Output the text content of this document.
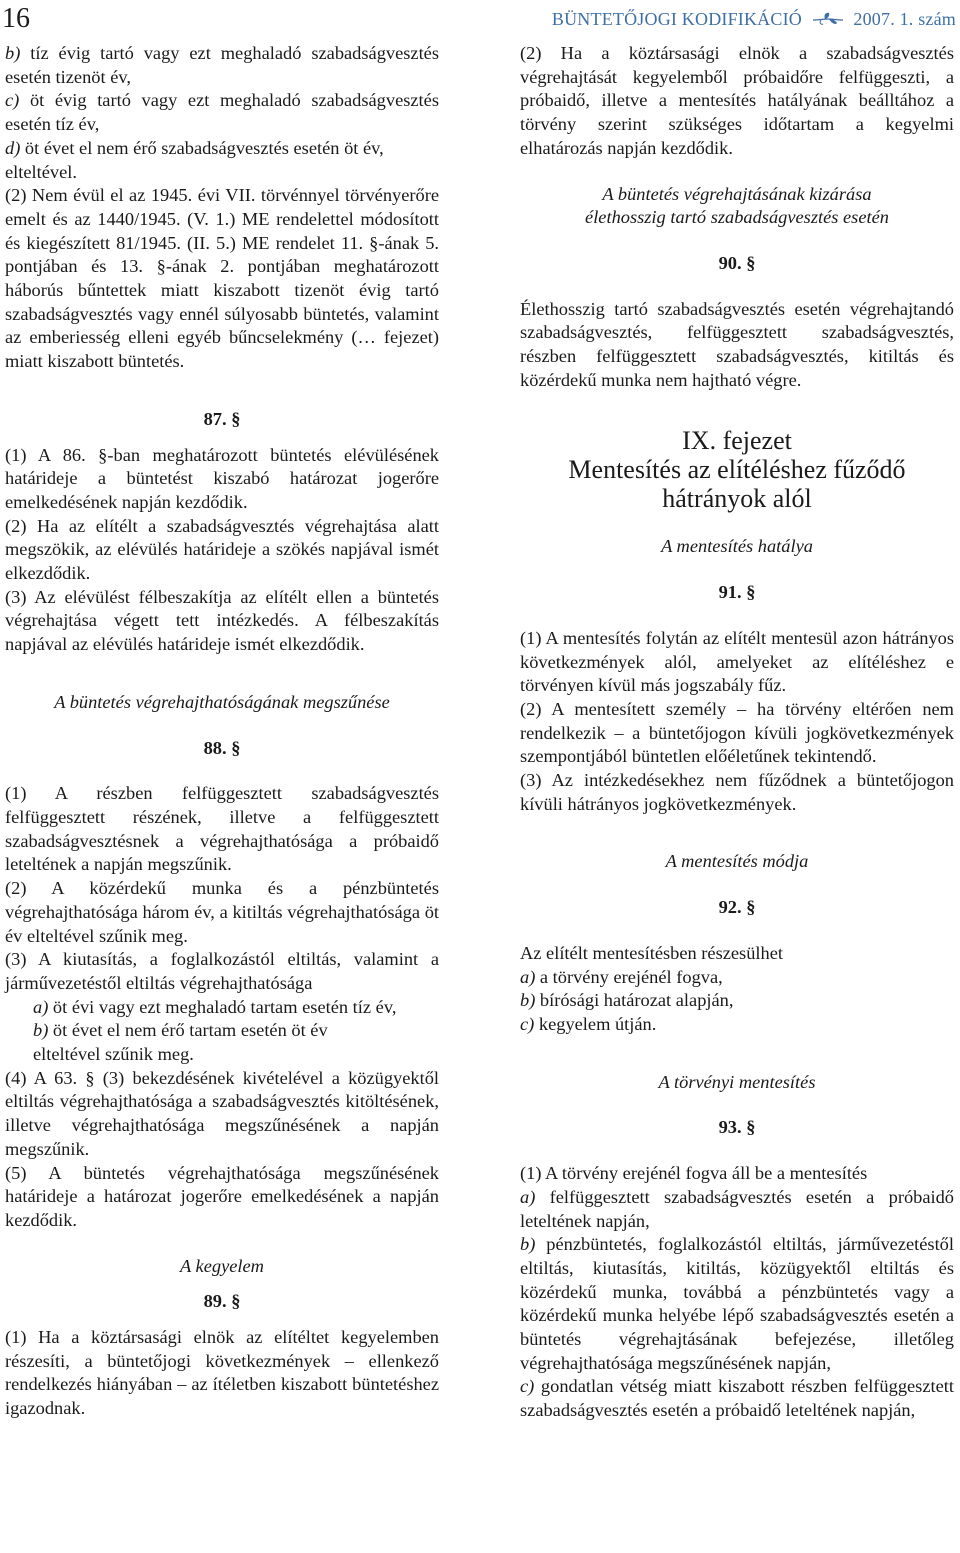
16	BÜNTETŐJOGI KODIFIKÁCIÓ	2007. 1. szám

b) tíz évig tartó vagy ezt meghaladó szabadságvesztés esetén tizenöt év,

c) öt évig tartó vagy ezt meghaladó szabadságvesztés esetén tíz év,

d) öt évet el nem érő szabadságvesztés esetén öt év,

elteltével.

(2) Nem évül el az 1945. évi VII. törvénnyel törvényerőre emelt és az 1440/1945. (V. 1.) ME rendelettel módosított és kiegészített 81/1945. (II. 5.) ME rendelet 11. §-ának 5. pontjában és 13. §-ának 2. pontjában meghatározott háborús bűntettek miatt kiszabott tizenöt évig tartó szabadságvesztés vagy ennél súlyosabb büntetés, valamint az emberiesség elleni egyéb bűncselekmény (… fejezet) miatt kiszabott büntetés.

87. §

(1) A 86. §-ban meghatározott büntetés elévülésének határideje a büntetést kiszabó határozat jogerőre emelkedésének napján kezdődik.

(2) Ha az elítélt a szabadságvesztés végrehajtása alatt megszökik, az elévülés határideje a szökés napjával ismét elkezdődik.

(3) Az elévülést félbeszakítja az elítélt ellen a büntetés végrehajtása végett tett intézkedés. A félbeszakítás napjával az elévülés határideje ismét elkezdődik.

A büntetés végrehajthatóságának megszűnése

88. §

(1) A részben felfüggesztett szabadságvesztés felfüggesztett részének, illetve a felfüggesztett szabadságvesztésnek a végrehajthatósága a próbaidő leteltének a napján megszűnik.

(2) A közérdekű munka és a pénzbüntetés végrehajthatósága három év, a kitiltás végrehajthatósága öt év elteltével szűnik meg.

(3) A kiutasítás, a foglalkozástól eltiltás, valamint a járművezetéstől eltiltás végrehajthatósága

a) öt évi vagy ezt meghaladó tartam esetén tíz év,

b) öt évet el nem érő tartam esetén öt év

elteltével szűnik meg.

(4) A 63. § (3) bekezdésének kivételével a közügyektől eltiltás végrehajthatósága a szabadságvesztés kitöltésének, illetve végrehajthatósága megszűnésének a napján megszűnik.

(5) A büntetés végrehajthatósága megszűnésének határideje a határozat jogerőre emelkedésének a napján kezdődik.

A kegyelem

89. §

(1) Ha a köztársasági elnök az elítéltet kegyelemben részesíti, a büntetőjogi következmények – ellenkező rendelkezés hiányában – az ítéletben kiszabott büntetéshez igazodnak.

(2) Ha a köztársasági elnök a szabadságvesztés végrehajtását kegyelemből próbaidőre felfüggeszti, a próbaidő, illetve a mentesítés hatályának beálltához a törvény szerint szükséges időtartam a kegyelmi elhatározás napján kezdődik.

A büntetés végrehajtásának kizárása élethosszig tartó szabadságvesztés esetén

90. §

Élethosszig tartó szabadságvesztés esetén végrehajtandó szabadságvesztés, felfüggesztett szabadságvesztés, részben felfüggesztett szabadságvesztés, kitiltás és közérdekű munka nem hajtható végre.

IX. fejezet

Mentesítés az elítéléshez fűződő hátrányok alól

A mentesítés hatálya

91. §

(1) A mentesítés folytán az elítélt mentesül azon hátrányos következmények alól, amelyeket az elítéléshez e törvényen kívül más jogszabály fűz.

(2) A mentesített személy – ha törvény eltérően nem rendelkezik – a büntetőjogon kívüli jogkövetkezmények szempontjából büntetlen előéletűnek tekintendő.

(3) Az intézkedésekhez nem fűződnek a büntetőjogon kívüli hátrányos jogkövetkezmények.

A mentesítés módja

92. §

Az elítélt mentesítésben részesülhet

a) a törvény erejénél fogva,

b) bírósági határozat alapján,

c) kegyelem útján.

A törvényi mentesítés

93. §

(1) A törvény erejénél fogva áll be a mentesítés

a) felfüggesztett szabadságvesztés esetén a próbaidő leteltének napján,

b) pénzbüntetés, foglalkozástól eltiltás, járművezetéstől eltiltás, kiutasítás, kitiltás, közügyektől eltiltás és közérdekű munka, továbbá a pénzbüntetés vagy a közérdekű munka helyébe lépő szabadságvesztés esetén a büntetés végrehajtásának befejezése, illetőleg végrehajthatósága megszűnésének napján,

c) gondatlan vétség miatt kiszabott részben felfüggesztett szabadságvesztés esetén a próbaidő leteltének napján,
